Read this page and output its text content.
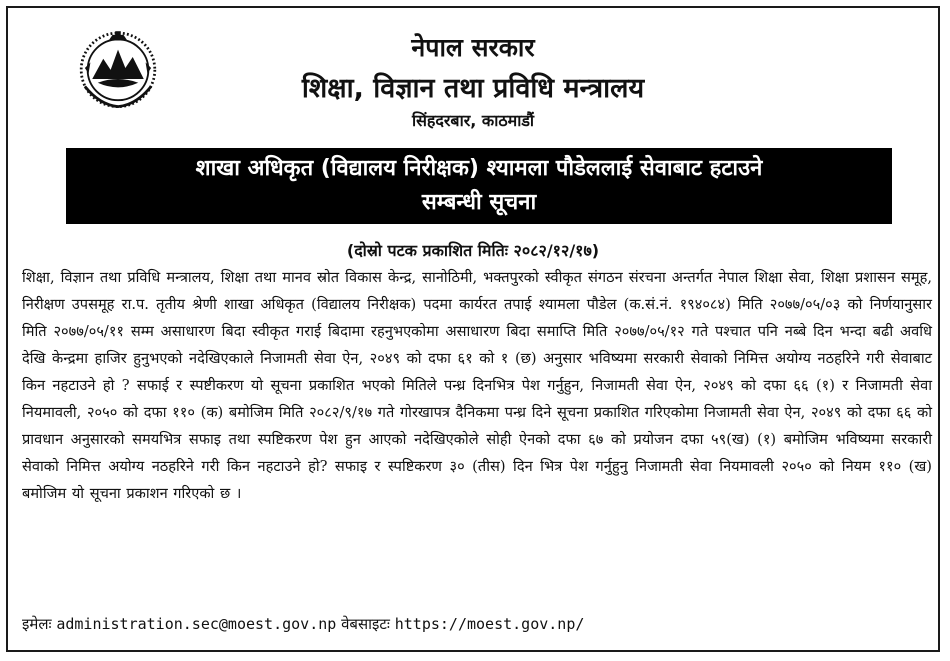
नेपाल सरकार
शिक्षा, विज्ञान तथा प्रविधि मन्त्रालय
सिंहदरबार, काठमाडौं
शाखा अधिकृत (विद्यालय निरीक्षक) श्यामला पौडेललाई सेवाबाट हटाउने
सम्बन्धी सूचना
(दोस्रो पटक प्रकाशित मितिः २०८२/१२/१७)
शिक्षा, विज्ञान तथा प्रविधि मन्त्रालय, शिक्षा तथा मानव स्रोत विकास केन्द्र, सानोठिमी, भक्तपुरको स्वीकृत संगठन संरचना अन्तर्गत नेपाल शिक्षा सेवा, शिक्षा प्रशासन समूह, निरीक्षण उपसमूह रा.प. तृतीय श्रेणी शाखा अधिकृत (विद्यालय निरीक्षक) पदमा कार्यरत तपाई श्यामला पौडेल (क.सं.नं. १९४०८४) मिति २०७७/०५/०३ को निर्णयानुसार मिति २०७७/०५/११ सम्म असाधारण बिदा स्वीकृत गराई बिदामा रहनुभएकोमा असाधारण बिदा समाप्ति मिति २०७७/०५/१२ गते पश्चात पनि नब्बे दिन भन्दा बढी अवधि देखि केन्द्रमा हाजिर हुनुभएको नदेखिएकाले निजामती सेवा ऐन, २०४९ को दफा ६१ को १ (छ) अनुसार भविष्यमा सरकारी सेवाको निमित्त अयोग्य नठहरिने गरी सेवाबाट किन नहटाउने हो ? सफाई र स्पष्टीकरण यो सूचना प्रकाशित भएको मितिले पन्ध्र दिनभित्र पेश गर्नुहुन, निजामती सेवा ऐन, २०४९ को दफा ६६ (१) र निजामती सेवा नियमावली, २०५० को दफा ११० (क) बमोजिम मिति २०८२/९/१७ गते गोरखापत्र दैनिकमा पन्ध्र दिने सूचना प्रकाशित गरिएकोमा निजामती सेवा ऐन, २०४९ को दफा ६६ को प्रावधान अनुसारको समयभित्र सफाइ तथा स्पष्टिकरण पेश हुन आएको नदेखिएकोले सोही ऐनको दफा ६७ को प्रयोजन दफा ५९(ख) (१) बमोजिम भविष्यमा सरकारी सेवाको निमित्त अयोग्य नठहरिने गरी किन नहटाउने हो? सफाइ र स्पष्टिकरण ३० (तीस) दिन भित्र पेश गर्नुहुनु निजामती सेवा नियमावली २०५० को नियम ११० (ख) बमोजिम यो सूचना प्रकाशन गरिएको छ ।
इमेलः administration.sec@moest.gov.np वेबसाइटः https://moest.gov.np/
